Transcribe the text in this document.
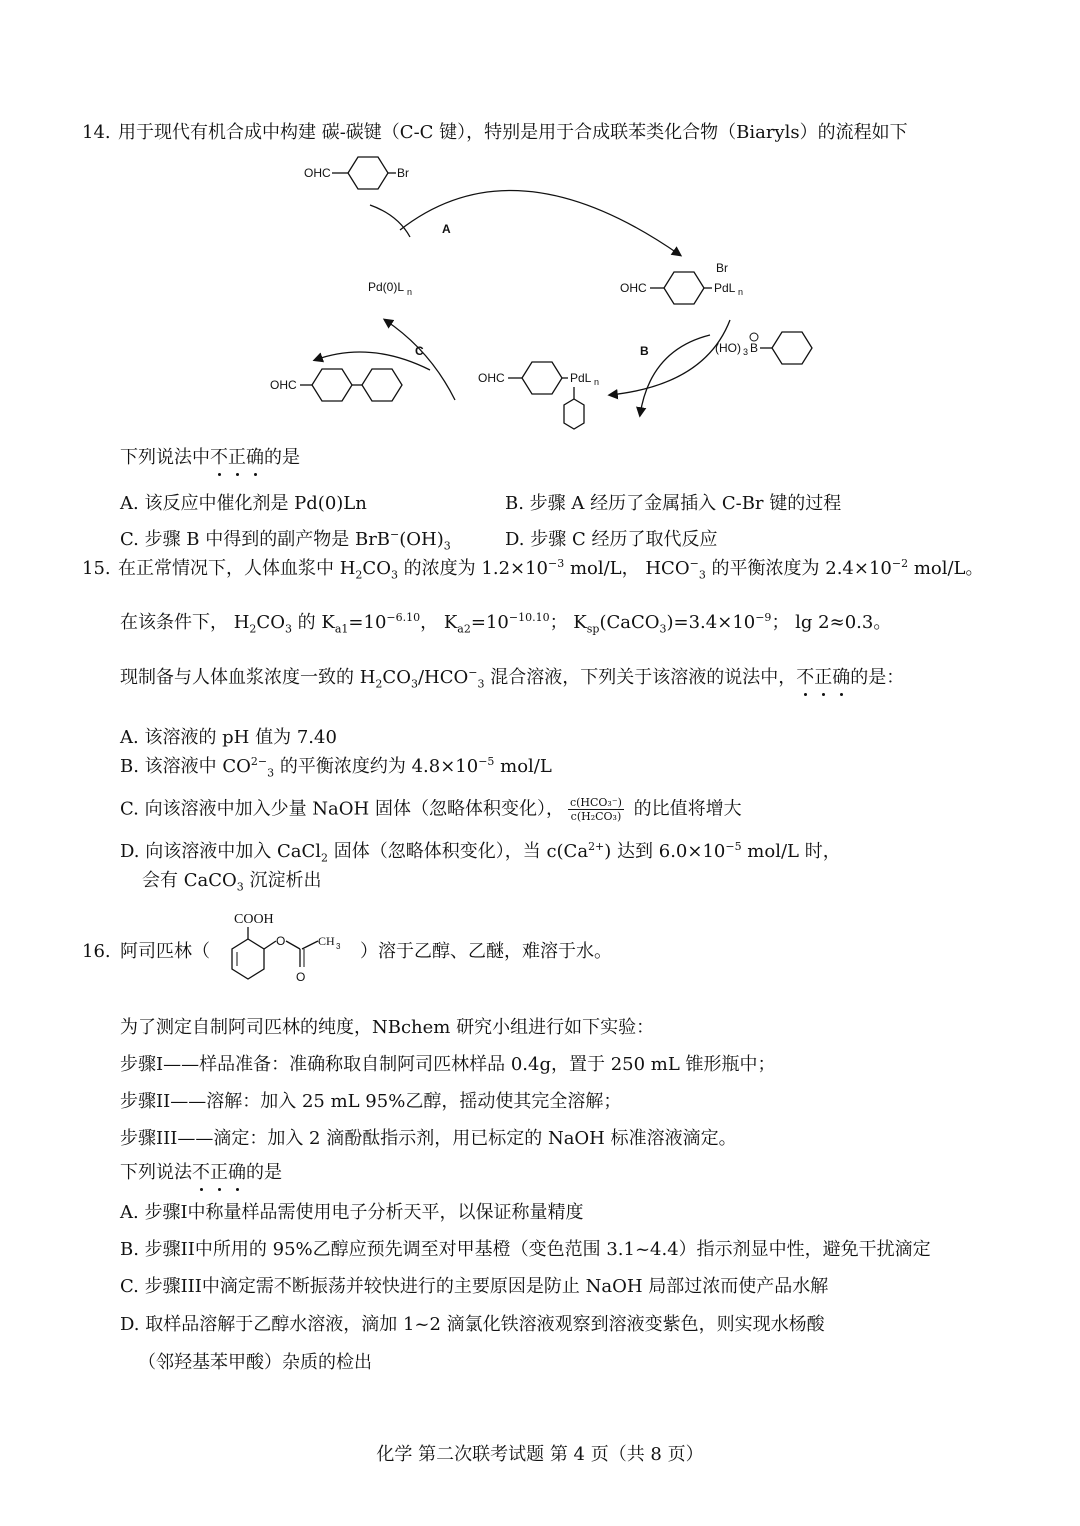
14. 用于现代有机合成中构建 碳-碳键（C-C 键），特别是用于合成联苯类化合物（Biaryls）的流程如下
OHC	Br
A
Pd(0)L n	OHC
Br
PdL n
B	(HO) 3 B
OHC	PdL n
C
OHC
下列说法中不正确的是
A. 该反应中催化剂是 Pd(0)Ln	B. 步骤 A 经历了金属插入 C-Br 键的过程
C. 步骤 B 中得到的副产物是 $BrB^-(OH)_3$	D. 步骤 C 经历了取代反应
15. 在正常情况下，人体血浆中 $H_2CO_3$ 的浓度为 $1.2\times 10^{-3}$ mol/L， $HCO^-_3$ 的平衡浓度为 $2.4\times 10^{-2}$ mol/L。
在该条件下， $H_2CO_3$ 的 $K_{a1}=10^{-6.10}$， $K_{a2}=10^{-10.10}$； $K_{sp}(CaCO_3)=3.4\times 10^{-9}$； lg 2≈0.3。
现制备与人体血浆浓度一致的 $H_2CO_3/HCO^-_3$ 混合溶液，下列关于该溶液的说法中，不正确的是：
A. 该溶液的 pH 值为 7.40
B. 该溶液中 $CO^{2-}_3$ 的平衡浓度约为 $4.8\times 10^{-5}$ mol/L
C. 向该溶液中加入少量 NaOH 固体（忽略体积变化）， $\frac{\text{c(HCO₃⁻)}}{\text{c(H₂CO₃)}}$ 的比值将增大
D. 向该溶液中加入 CaCl$_2$ 固体（忽略体积变化），当 $c(Ca^{2+})$ 达到 $6.0\times 10^{-5}$ mol/L 时，
会有 CaCO$_3$ 沉淀析出
16. 阿司匹林（
COOH
O
O
CH 3 ）溶于乙醇、乙醚，难溶于水。
为了测定自制阿司匹林的纯度，NBchem 研究小组进行如下实验：
步骤I——样品准备：准确称取自制阿司匹林样品 0.4g，置于 250 mL 锥形瓶中；
步骤II——溶解：加入 25 mL 95%乙醇，摇动使其完全溶解；
步骤III——滴定：加入 2 滴酚酞指示剂，用已标定的 NaOH 标准溶液滴定。
下列说法不正确的是
A. 步骤I中称量样品需使用电子分析天平，以保证称量精度
B. 步骤II中所用的 95%乙醇应预先调至对甲基橙（变色范围 3.1~4.4）指示剂显中性，避免干扰滴定
C. 步骤III中滴定需不断振荡并较快进行的主要原因是防止 NaOH 局部过浓而使产品水解
D. 取样品溶解于乙醇水溶液，滴加 1~2 滴氯化铁溶液观察到溶液变紫色，则实现水杨酸
（邻羟基苯甲酸）杂质的检出
化学 第二次联考试题 第 4 页（共 8 页）
